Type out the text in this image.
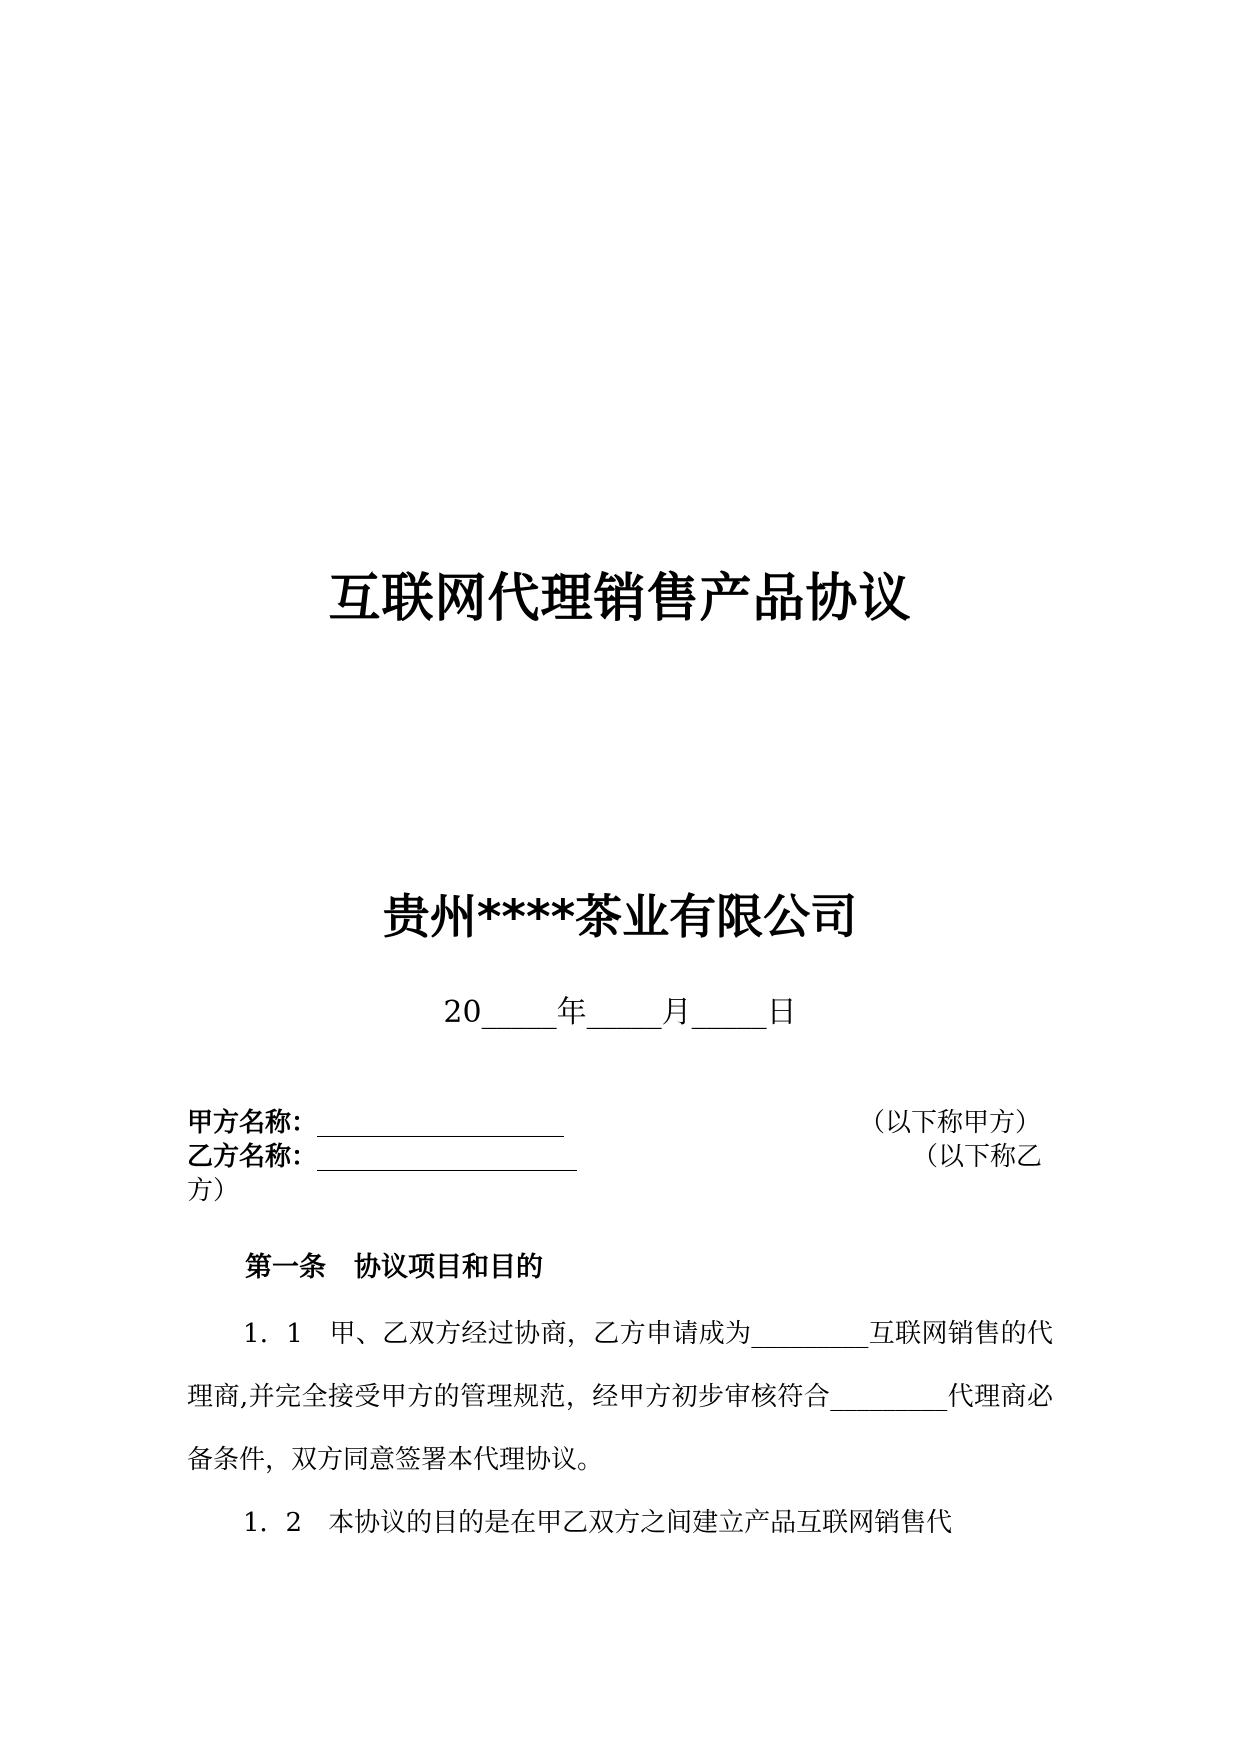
互联网代理销售产品协议
贵州****茶业有限公司
20_____年_____月_____日
甲方名称：___________________	（以下称甲方）
乙方名称：____________________	（以下称乙
方）
第一条 协议项目和目的
1．1　甲、乙双方经过协商，乙方申请成为_________互联网销售的代理商,并完全接受甲方的管理规范，经甲方初步审核符合_________代理商必备条件，双方同意签署本代理协议。
1．2　本协议的目的是在甲乙双方之间建立产品互联网销售代
